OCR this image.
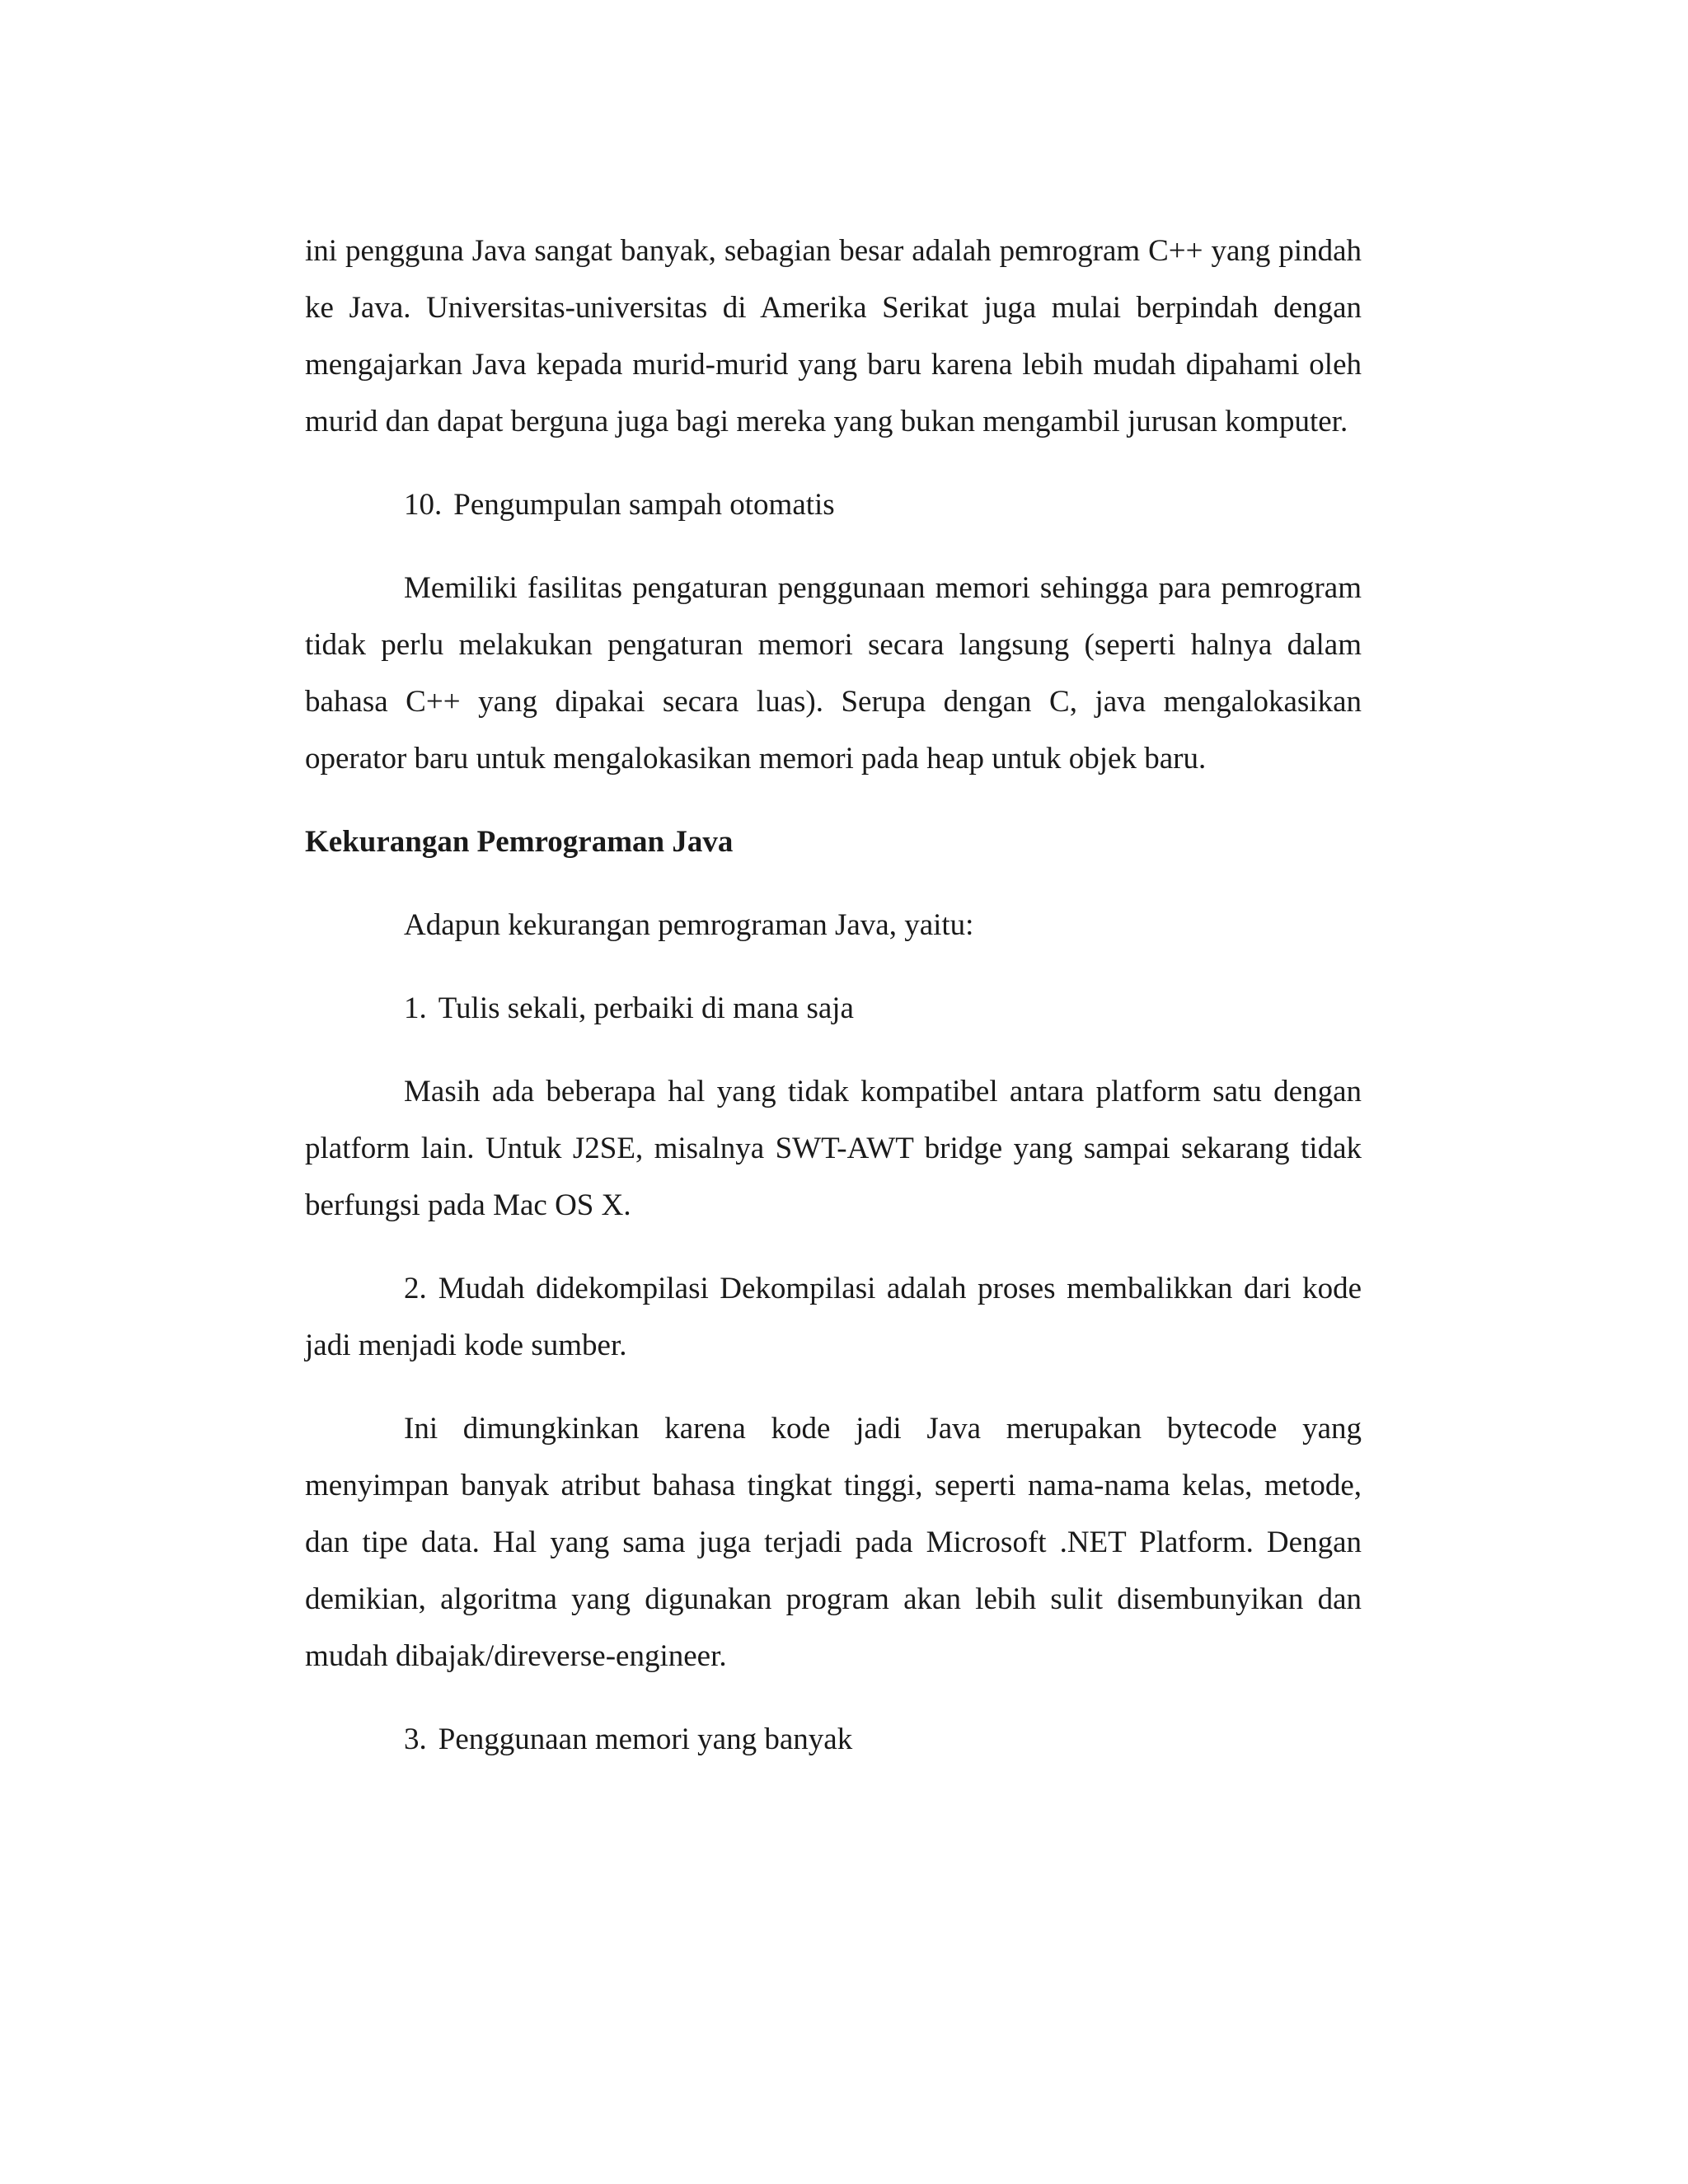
ini pengguna Java sangat banyak, sebagian besar adalah pemrogram C++ yang pindah ke Java. Universitas-universitas di Amerika Serikat juga mulai berpindah dengan mengajarkan Java kepada murid-murid yang baru karena lebih mudah dipahami oleh murid dan dapat berguna juga bagi mereka yang bukan mengambil jurusan komputer.

10. Pengumpulan sampah otomatis

Memiliki fasilitas pengaturan penggunaan memori sehingga para pemrogram tidak perlu melakukan pengaturan memori secara langsung (seperti halnya dalam bahasa C++ yang dipakai secara luas). Serupa dengan C, java mengalokasikan operator baru untuk mengalokasikan memori pada heap untuk objek baru.

Kekurangan Pemrograman Java

Adapun kekurangan pemrograman Java, yaitu:

1. Tulis sekali, perbaiki di mana saja

Masih ada beberapa hal yang tidak kompatibel antara platform satu dengan platform lain. Untuk J2SE, misalnya SWT-AWT bridge yang sampai sekarang tidak berfungsi pada Mac OS X.

2. Mudah didekompilasi Dekompilasi adalah proses membalikkan dari kode jadi menjadi kode sumber.

Ini dimungkinkan karena kode jadi Java merupakan bytecode yang menyimpan banyak atribut bahasa tingkat tinggi, seperti nama-nama kelas, metode, dan tipe data. Hal yang sama juga terjadi pada Microsoft .NET Platform. Dengan demikian, algoritma yang digunakan program akan lebih sulit disembunyikan dan mudah dibajak/direverse-engineer.

3. Penggunaan memori yang banyak
